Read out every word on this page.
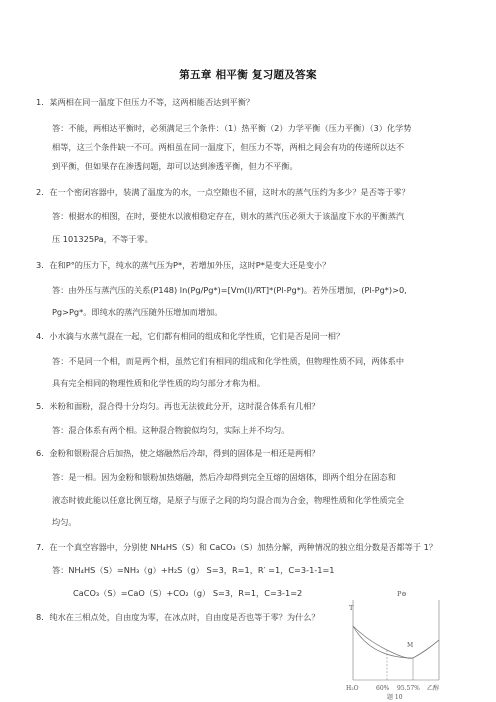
第五章 相平衡 复习题及答案
1．某两相在同一温度下但压力不等，这两相能否达到平衡？
答：不能，两相达平衡时，必须满足三个条件：（1）热平衡（2）力学平衡（压力平衡）（3）化学势
相等，这三个条件缺一不可。两相虽在同一温度下，但压力不等，两相之间会有功的传递所以达不
到平衡，但如果存在渗透问题，却可以达到渗透平衡，但力不平衡。
2．在一个密闭容器中，装满了温度为的水，一点空隙也不留，这时水的蒸气压约为多少？是否等于零？
答：根据水的相图，在时，要使水以液相稳定存在，则水的蒸汽压必须大于该温度下水的平衡蒸汽
压 101325Pa，不等于零。
3．在和P°的压力下，纯水的蒸气压为P*，若增加外压，这时P*是变大还是变小？
答：由外压与蒸汽压的关系(P148) ln(Pg/Pg*)=[Vm(l)/RT]*(Pl-Pg*)。若外压增加，(Pl-Pg*)>0,
Pg>Pg*。即纯水的蒸汽压随外压增加而增加。
4．小水滴与水蒸气混在一起，它们都有相同的组成和化学性质，它们是否是同一相？
答：不是同一个相，而是两个相，虽然它们有相同的组成和化学性质，但物理性质不同，两体系中
具有完全相同的物理性质和化学性质的均匀部分才称为相。
5．米粉和面粉，混合得十分均匀。再也无法彼此分开，这时混合体系有几相？
答：混合体系有两个相。这种混合物貌似均匀，实际上并不均匀。
6．金粉和银粉混合后加热，使之熔融然后冷却，得到的固体是一相还是两相？
答：是一相。因为金粉和银粉加热熔融，然后冷却得到完全互熔的固熔体，即两个组分在固态和
液态时彼此能以任意比例互熔，是原子与原子之间的均匀混合而为合金，物理性质和化学性质完全
均匀。
7．在一个真空容器中，分别使 NH₄HS（S）和 CaCO₃（S）加热分解，两种情况的独立组分数是否都等于 1？
答：NH₄HS（S）=NH₃（g）+H₂S（g） S=3，R=1，R′ =1，C=3-1-1=1
CaCO₃（S）=CaO（S）+CO₂（g） S=3，R=1，C=3-1=2
8．纯水在三相点处，自由度为零，在冰点时，自由度是否也等于零？为什么？
P⊖
T
M
H₂O	60% 95.57% 乙醇
题 10
